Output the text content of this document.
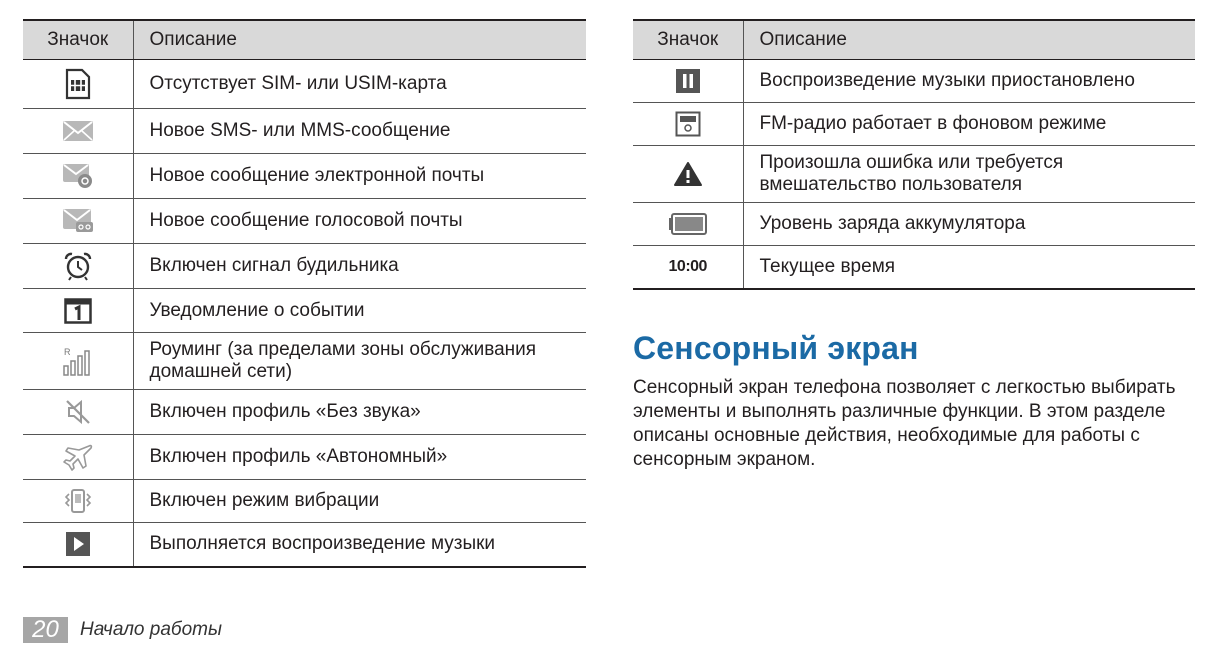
Значок	Описание

	Отсутствует SIM- или USIM-карта

	Новое SMS- или MMS-сообщение

	Новое сообщение электронной почты

	Новое сообщение голосовой почты

	Включен сигнал будильника

	Уведомление о событии

R	Роуминг (за пределами зоны обслуживания домашней сети)

	Включен профиль «Без звука»

	Включен профиль «Автономный»

	Включен режим вибрации

	Выполняется воспроизведение музыки
Значок	Описание

	Воспроизведение музыки приостановлено

	FM-радио работает в фоновом режиме

	Произошла ошибка или требуется вмешательство пользователя

	Уровень заряда аккумулятора
10:00	Текущее время
Сенсорный экран

Сенсорный экран телефона позволяет с легкостью выбирать элементы и выполнять различные функции. В этом разделе описаны основные действия, необходимые для работы с сенсорным экраном.

20	Начало работы
